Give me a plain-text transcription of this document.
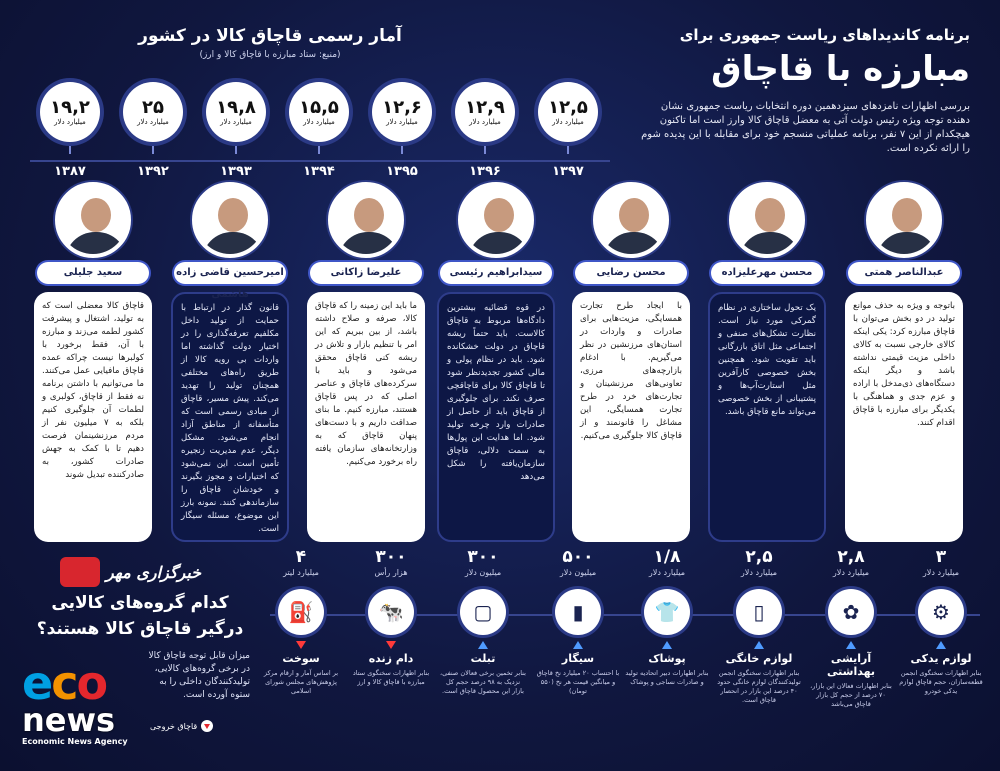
برنامه کاندیداهای ریاست جمهوری برای
مبارزه با قاچاق
بررسی اظهارات نامزدهای سیزدهمین دوره انتخابات ریاست جمهوری نشان دهنده توجه ویژه رئیس دولت آتی به معضل قاچاق کالا وارز است اما تاکنون هیچکدام از این ۷ نفر، برنامه عملیاتی منسجم خود برای مقابله با این پدیده شوم را ارائه نکرده است.
آمار رسمی قاچاق کالا در کشور
(منبع: ستاد مبارزه با قاچاق کالا و ارز)
۱۹,۲
میلیارد دلار
۱۳۸۷
۲۵
میلیارد دلار
۱۳۹۲
۱۹,۸
میلیارد دلار
۱۳۹۳
۱۵,۵
میلیارد دلار
۱۳۹۴
۱۲,۶
میلیارد دلار
۱۳۹۵
۱۲,۹
میلیارد دلار
۱۳۹۶
۱۲,۵
میلیارد دلار
۱۳۹۷
سعید جلیلی
قاچاق کالا معضلی است که به تولید، اشتغال و پیشرفت کشور لطمه می‌زند و مبارزه با آن، فقط برخورد با کولبرها نیست چراکه عمده قاچاق مافیایی عمل می‌کنند. ما می‌توانیم با داشتن برنامه نه فقط از قاچاق، کولبری و لطمات آن جلوگیری کنیم بلکه به ۷ میلیون نفر از مردم مرزنشینمان فرصت دهیم تا با کمک به جهش صادرات کشور، به صادرکننده تبدیل شوند
امیرحسین قاضی زاده هاشمی
قانون گذار در ارتباط با حمایت از تولید داخل مکلفیم تعرفه‌گذاری را در اختیار دولت گذاشته اما واردات بی رویه کالا از طریق راه‌های مختلفی همچنان تولید را تهدید می‌کند. پیش مسیر، قاچاق از مبادی رسمی است که متأسفانه از مناطق آزاد انجام می‌شود. مشکل دیگر، عدم مدیریت زنجیره تأمین است. این نمی‌شود که اختیارات و مجوز بگیرند و خودشان قاچاق را سازماندهی کنند. نمونه بارز این موضوع، مسئله سیگار است.
علیرضا زاکانی
ما باید این زمینه را که قاچاق کالا، صرفه و صلاح داشته باشد، از بین ببریم که این امر با تنظیم بازار و تلاش در ریشه کنی قاچاق محقق می‌شود و باید با سرکرده‌های قاچاق و عناصر اصلی که در پس قاچاق هستند، مبارزه کنیم. ما بنای صداقت داریم و با دست‌های پنهان قاچاق که به وزارتخانه‌های سازمان یافته راه برخورد می‌کنیم.
سیدابراهیم رئیسی
در قوه قضائیه بیشترین دادگاه‌ها مربوط به قاچاق کالاست. باید حتماً ریشه قاچاق در دولت خشکانده شود. باید در نظام پولی و مالی کشور تجدیدنظر شود تا قاچاق کالا برای قاچاقچی صرف نکند. برای جلوگیری از قاچاق باید از حاصل از صادرات وارد چرخه تولید شود. اما هدایت این پول‌ها به سمت دلالی، قاچاق سازمان‌یافته را شکل می‌دهد
محسن رضایی
با ایجاد طرح تجارت همسایگی، مزیت‌هایی برای صادرات و واردات در استان‌های مرزنشین در نظر می‌گیریم. با ادغام بازارچه‌های مرزی، تعاونی‌های مرزنشینان و تجارت‌های خرد در طرح تجارت همسایگی، این مشاغل را قانونمند و از قاچاق کالا جلوگیری می‌کنیم.
محسن مهرعلیزاده
یک تحول ساختاری در نظام گمرکی مورد نیاز است. نظارت تشکل‌های صنفی و اجتماعی مثل اتاق بازرگانی باید تقویت شود. همچنین بخش خصوصی کارآفرین مثل استارت‌آپ‌ها و پشتیبانی از بخش خصوصی می‌تواند مانع قاچاق باشد.
عبدالناصر همتی
باتوجه و ویژه به حذف موانع تولید در دو بخش می‌توان با قاچاق مبارزه کرد: یکی اینکه کالای خارجی نسبت به کالای داخلی مزیت قیمتی نداشته باشد و دیگر اینکه دستگاه‌های ذی‌مدخل با اراده و عزم جدی و هماهنگی با یکدیگر برای مبارزه با قاچاق اقدام کنند.
خبرگزاری مهر
کدام گروه‌های کالایی درگیر قاچاق کالا هستند؟
میزان قابل توجه قاچاق کالا در برخی گروه‌های کالایی، تولیدکنندگان داخلی را به ستوه آورده است.
eco
news
Economic News Agency
قاچاق خروجی
۳
میلیارد دلار
⚙
لوازم یدکی
بنابر اظهارات سخنگوی انجمن قطعه‌سازان، حجم قاچاق لوازم یدکی خودرو
۲,۸
میلیارد دلار
✿
آرایشی بهداشتی
بنابر اظهارات فعالان این بازار، ۷۰ درصد از حجم کل بازار قاچاق می‌باشد
۲,۵
میلیارد دلار
▯
لوازم خانگی
بنابر اظهارات سخنگوی انجمن تولیدکنندگان لوازم خانگی حدود ۴۰ درصد این بازار در انحصار قاچاق است.
۱/۸
میلیارد دلار
👕
پوشاک
بنابر اظهارات دبیر اتحادیه تولید و صادرات نساجی و پوشاک
۵۰۰
میلیون دلار
▮
سیگار
با احتساب ۲۰ میلیارد نخ قاچاق و میانگین قیمت هر نخ (۵۵۰ تومان)
۳۰۰
میلیون دلار
▢
تبلت
بنابر تخمین برخی فعالان صنفی، نزدیک به ۹۸ درصد حجم کل بازار این محصول قاچاق است.
۳۰۰
هزار رأس
🐄
دام زنده
بنابر اظهارات سخنگوی ستاد مبارزه با قاچاق کالا و ارز
۴
میلیارد لیتر
⛽
سوخت
بر اساس آمار و ارقام مرکز پژوهش‌های مجلس شورای اسلامی
